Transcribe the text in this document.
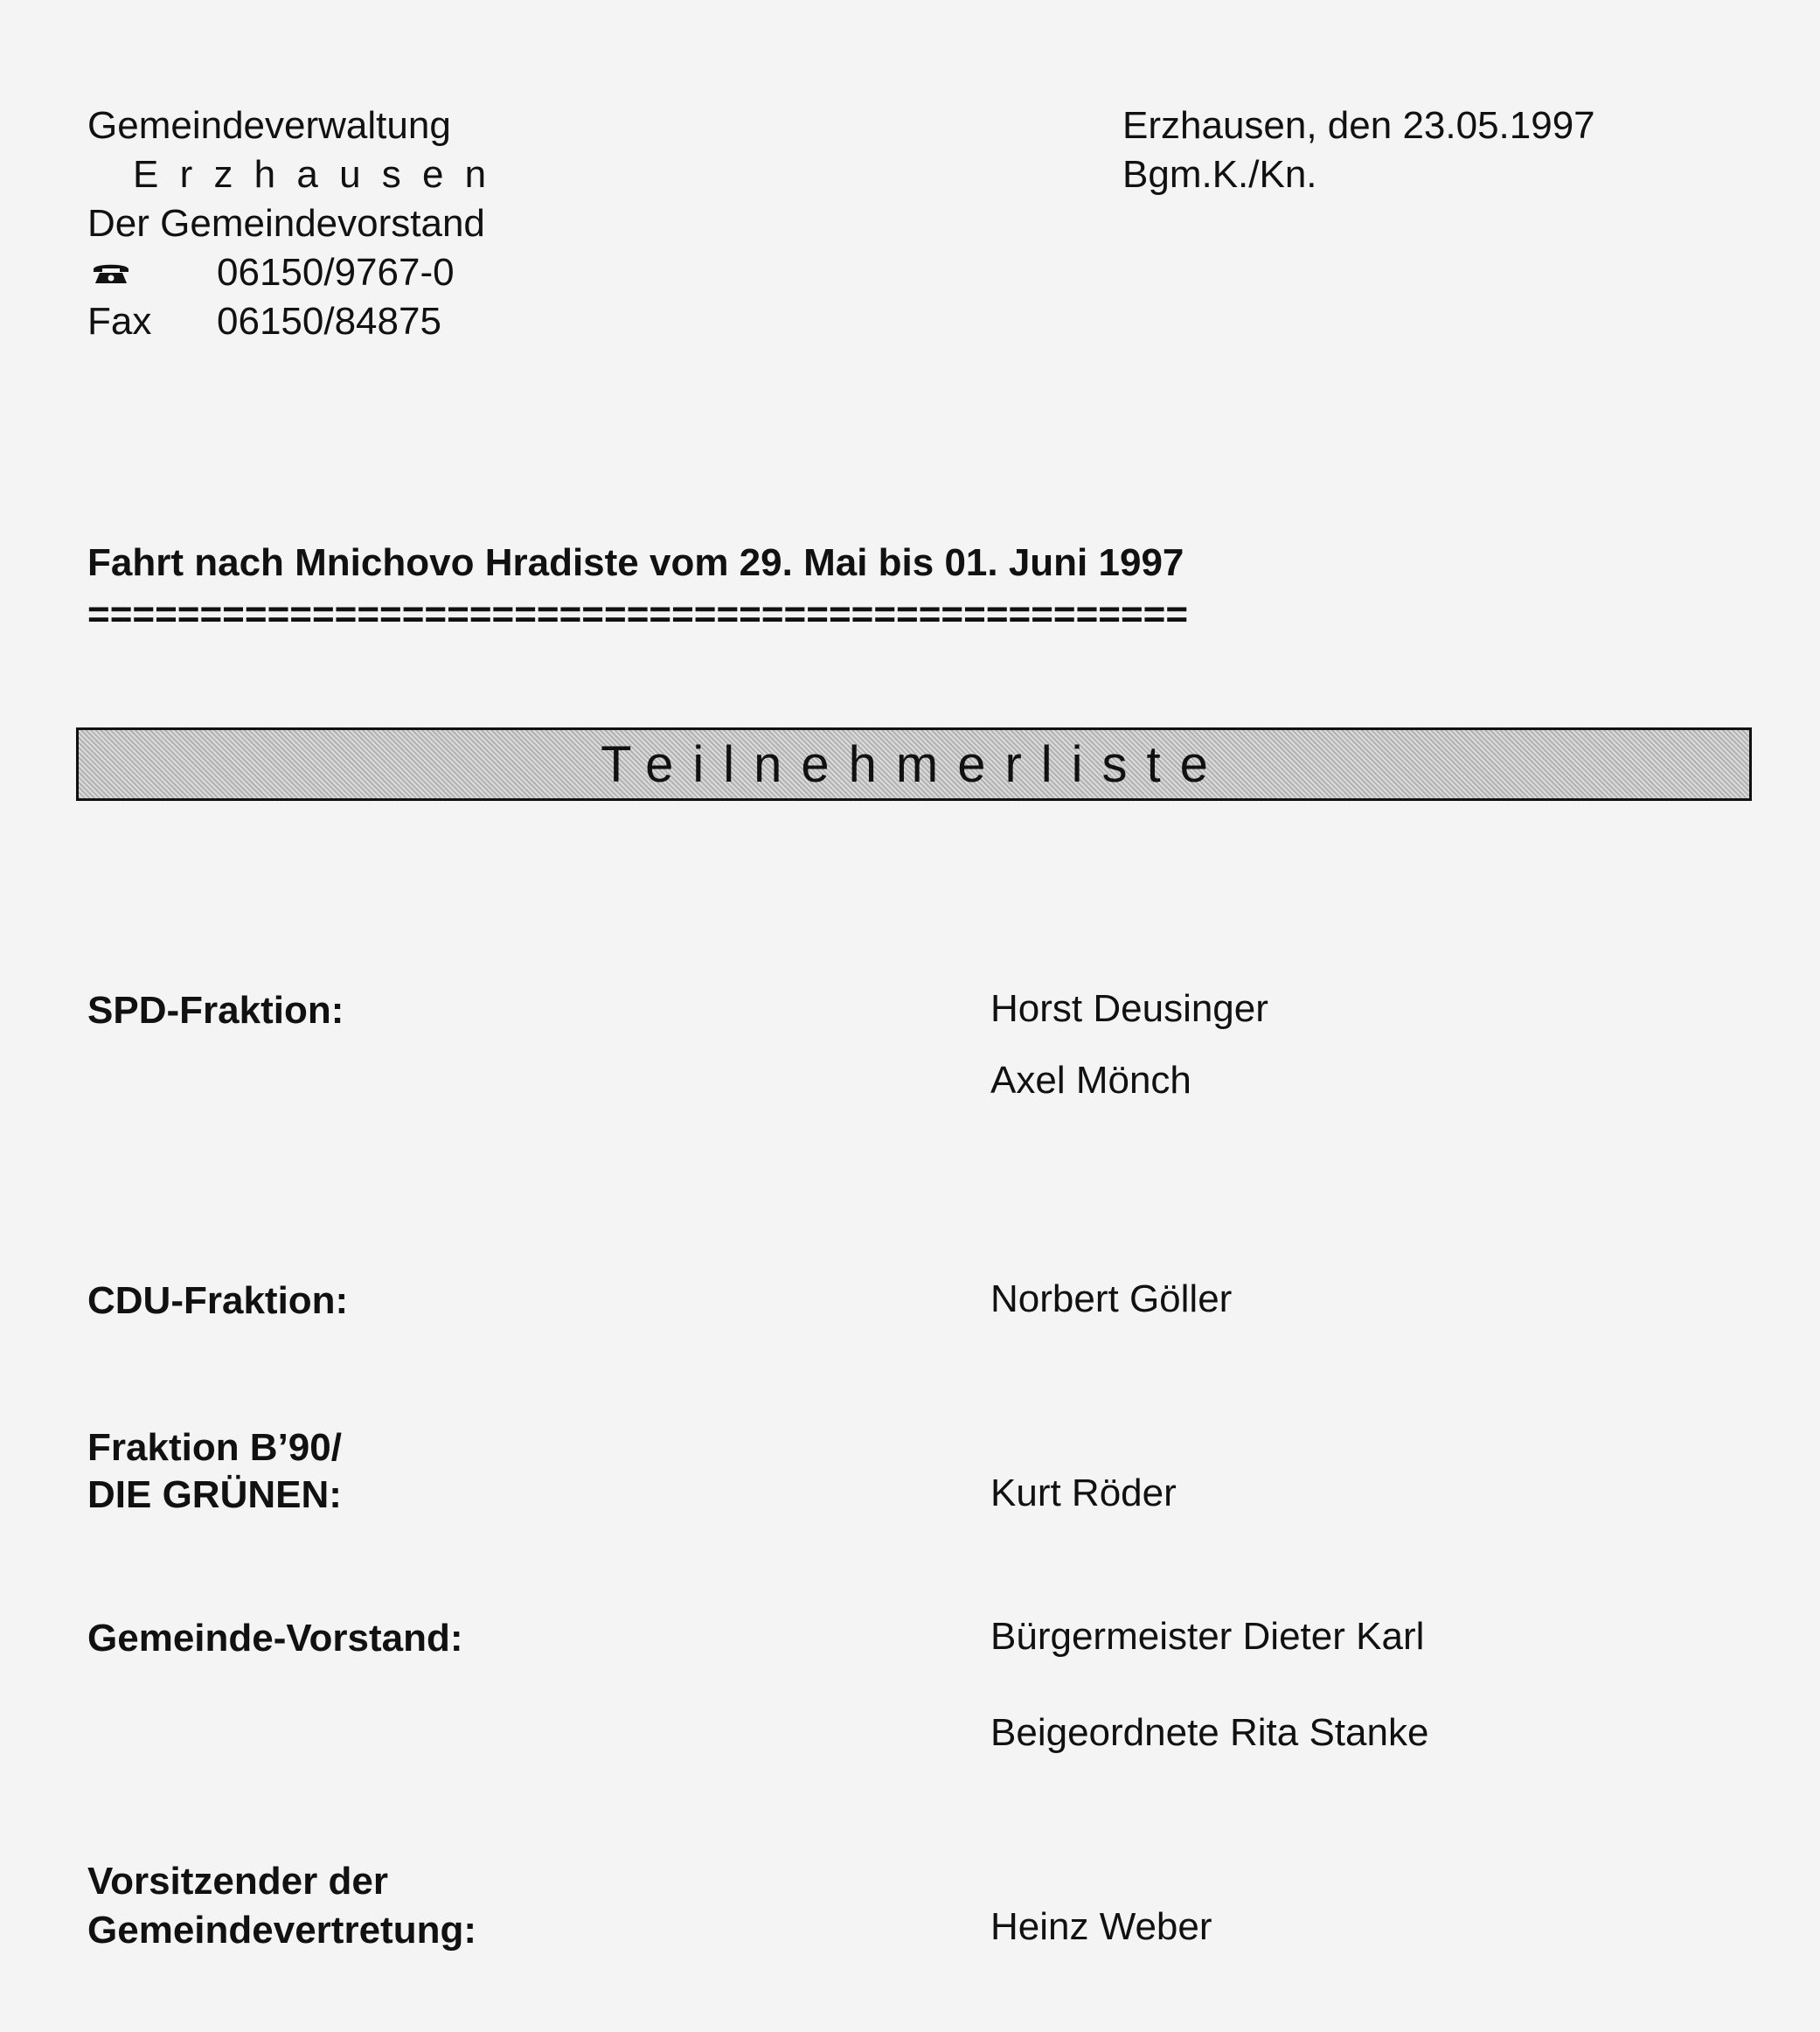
Gemeindeverwaltung
E r z h a u s e n
Der Gemeindevorstand
06150/9767-0
Fax 06150/84875
Erzhausen, den 23.05.1997
Bgm.K./Kn.
Fahrt nach Mnichovo Hradiste vom 29. Mai bis 01. Juni 1997
=================================================
Teilnehmerliste
SPD-Fraktion:	Horst Deusinger
Axel Mönch
CDU-Fraktion:	Norbert Göller
Fraktion B’90/
DIE GRÜNEN:	Kurt Röder
Gemeinde-Vorstand:	Bürgermeister Dieter Karl
Beigeordnete Rita Stanke
Vorsitzender der
Gemeindevertretung:	Heinz Weber
